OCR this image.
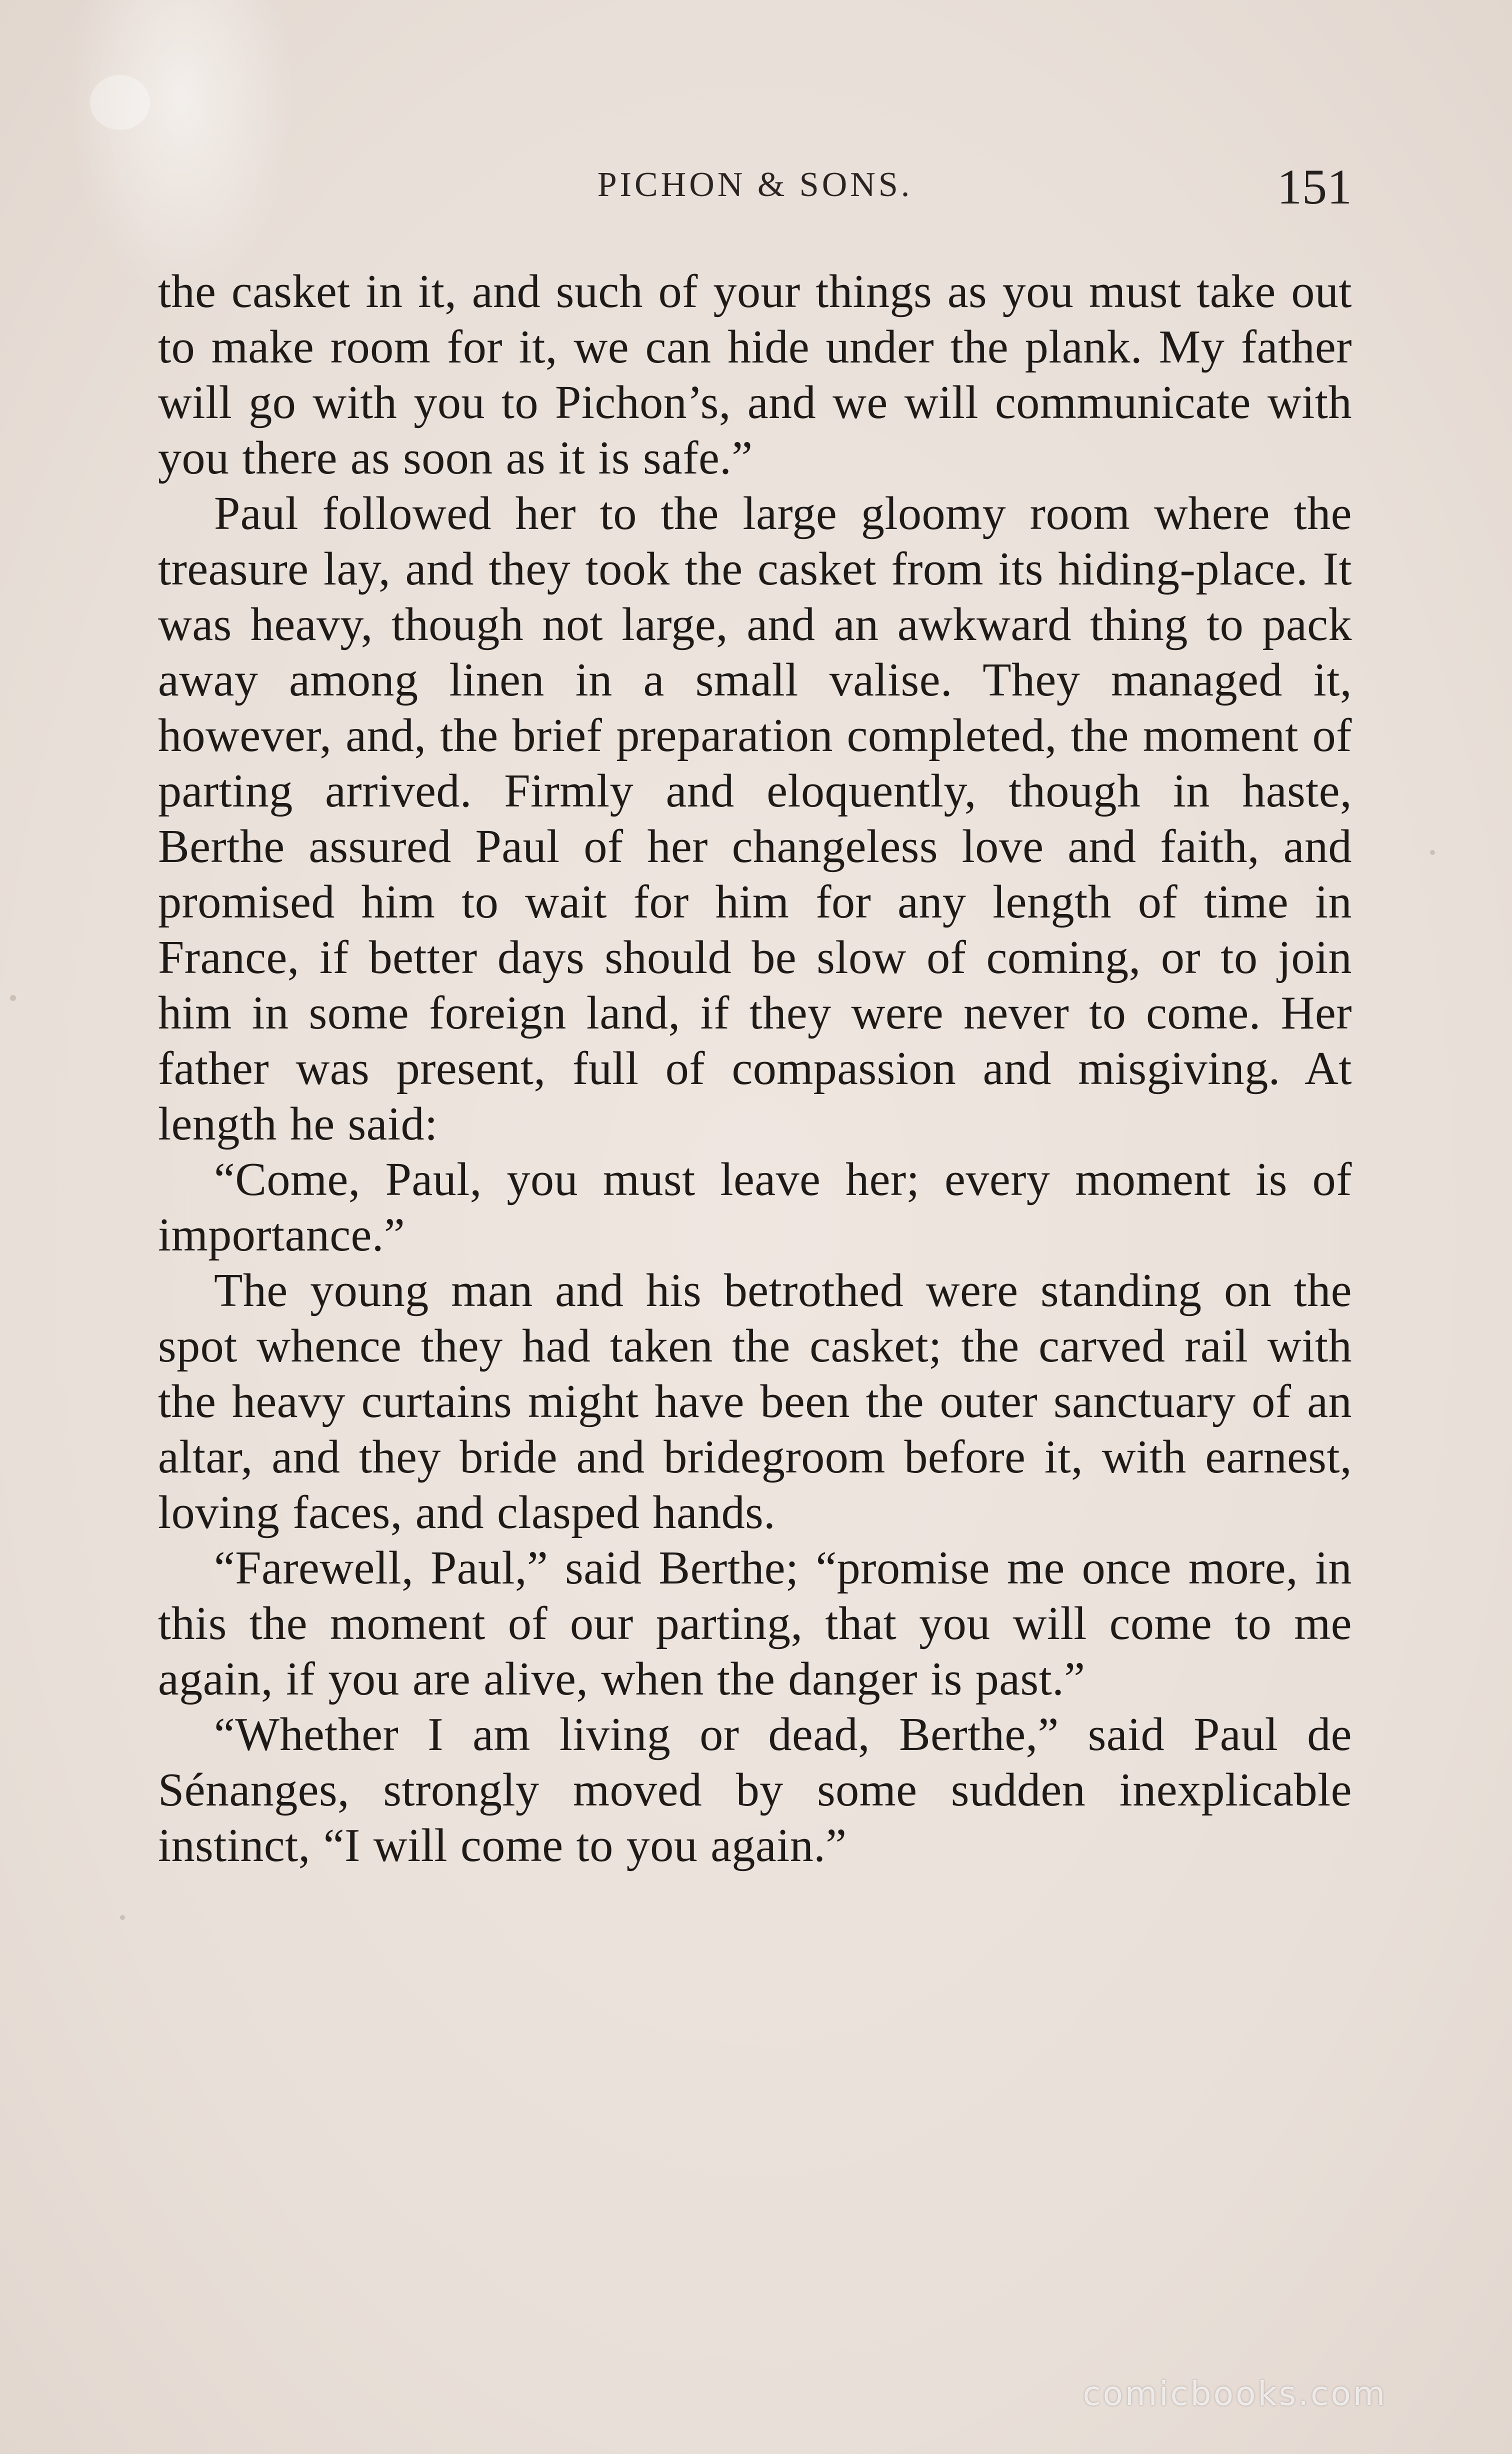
PICHON & SONS.	151

the casket in it, and such of your things as you must take out to make room for it, we can hide under the plank. My father will go with you to Pichon’s, and we will communicate with you there as soon as it is safe.”

Paul followed her to the large gloomy room where the treasure lay, and they took the casket from its hiding-place. It was heavy, though not large, and an awkward thing to pack away among linen in a small valise. They managed it, however, and, the brief preparation completed, the moment of parting arrived. Firmly and eloquently, though in haste, Berthe assured Paul of her changeless love and faith, and promised him to wait for him for any length of time in France, if better days should be slow of coming, or to join him in some foreign land, if they were never to come. Her father was present, full of compassion and misgiving. At length he said:

“Come, Paul, you must leave her; every moment is of importance.”

The young man and his betrothed were standing on the spot whence they had taken the casket; the carved rail with the heavy curtains might have been the outer sanctuary of an altar, and they bride and bridegroom before it, with earnest, loving faces, and clasped hands.

“Farewell, Paul,” said Berthe; “promise me once more, in this the moment of our parting, that you will come to me again, if you are alive, when the danger is past.”

“Whether I am living or dead, Berthe,” said Paul de Sénanges, strongly moved by some sudden inexplicable instinct, “I will come to you again.”

comicbooks.com
